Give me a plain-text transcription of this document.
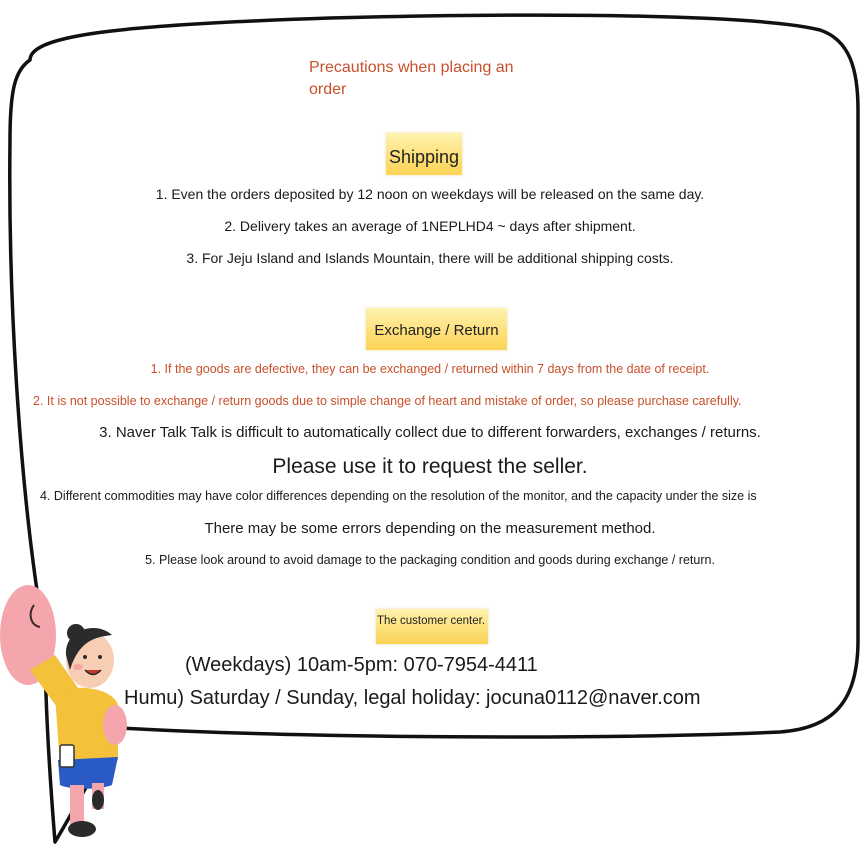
Precautions when placing an order
Shipping
1. Even the orders deposited by 12 noon on weekdays will be released on the same day.
2. Delivery takes an average of 1NEPLHD4 ~ days after shipment.
3. For Jeju Island and Islands Mountain, there will be additional shipping costs.
Exchange / Return
1. If the goods are defective, they can be exchanged / returned within 7 days from the date of receipt.
2. It is not possible to exchange / return goods due to simple change of heart and mistake of order, so please purchase carefully.
3. Naver Talk Talk is difficult to automatically collect due to different forwarders, exchanges / returns.
Please use it to request the seller.
4. Different commodities may have color differences depending on the resolution of the monitor, and the capacity under the size is
There may be some errors depending on the measurement method.
5. Please look around to avoid damage to the packaging condition and goods during exchange / return.
The customer center.
(Weekdays) 10am-5pm: 070-7954-4411
Humu) Saturday / Sunday, legal holiday: jocuna0112@naver.com
